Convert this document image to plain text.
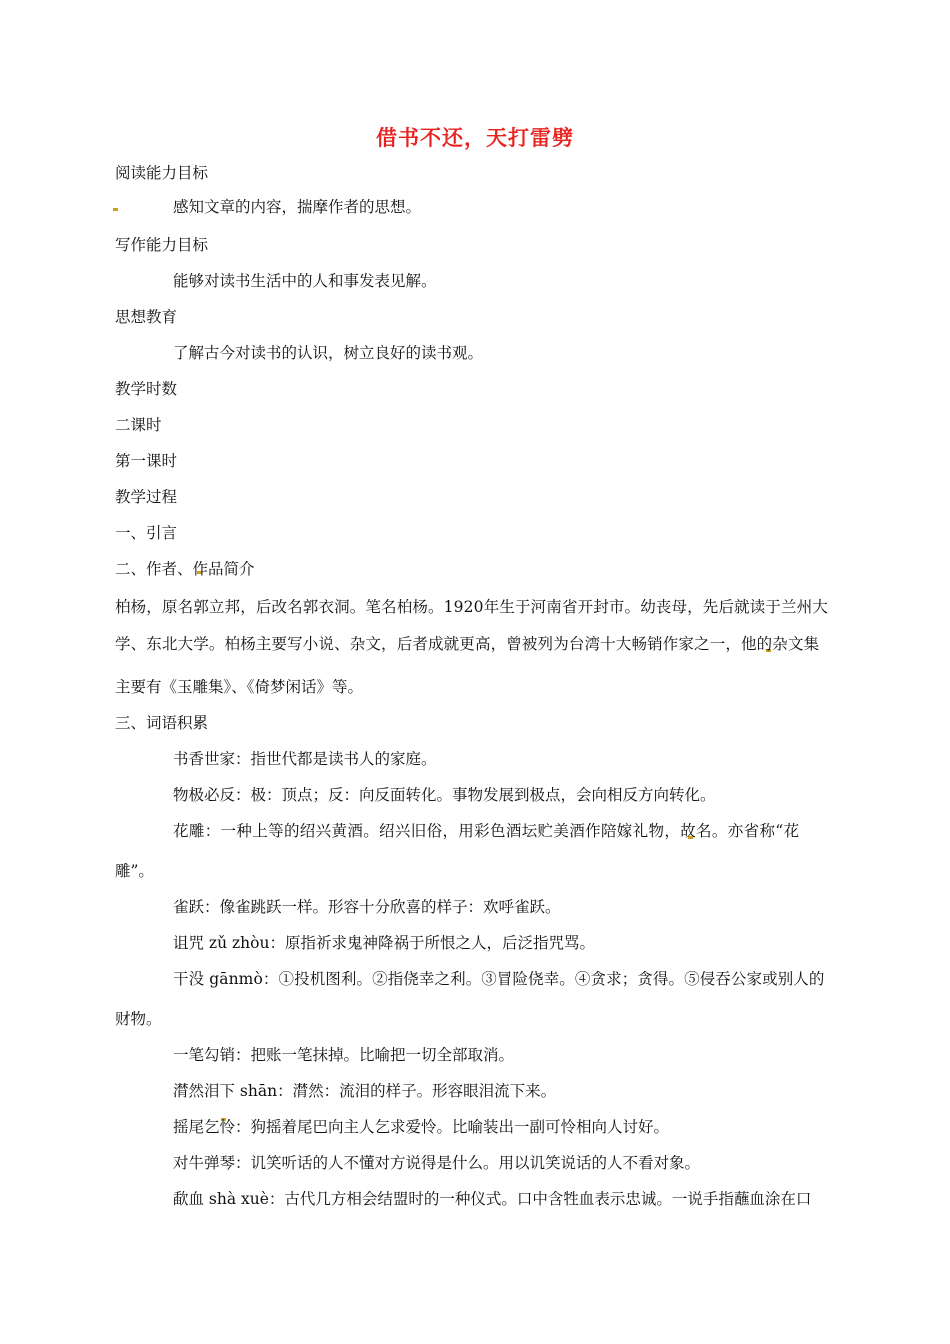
借书不还，天打雷劈
阅读能力目标
感知文章的内容，揣摩作者的思想。
写作能力目标
能够对读书生活中的人和事发表见解。
思想教育
了解古今对读书的认识，树立良好的读书观。
教学时数
二课时
第一课时
教学过程
一、引言
二、作者、作品简介
柏杨，原名郭立邦，后改名郭衣洞。笔名柏杨。1920年生于河南省开封市。幼丧母，先后就读于兰州大
学、东北大学。柏杨主要写小说、杂文，后者成就更高，曾被列为台湾十大畅销作家之一，他的杂文集
主要有《玉雕集》、《倚梦闲话》等。
三、词语积累
书香世家：指世代都是读书人的家庭。
物极必反：极：顶点；反：向反面转化。事物发展到极点，会向相反方向转化。
花雕：一种上等的绍兴黄酒。绍兴旧俗，用彩色酒坛贮美酒作陪嫁礼物，故名。亦省称“花
雕”。
雀跃：像雀跳跃一样。形容十分欣喜的样子：欢呼雀跃。
诅咒 zǔ zhòu：原指祈求鬼神降祸于所恨之人，后泛指咒骂。
干没 gānmò：①投机图利。②指侥幸之利。③冒险侥幸。④贪求；贪得。⑤侵吞公家或别人的
财物。
一笔勾销：把账一笔抹掉。比喻把一切全部取消。
潸然泪下 shān：潸然：流泪的样子。形容眼泪流下来。
摇尾乞怜：狗摇着尾巴向主人乞求爱怜。比喻装出一副可怜相向人讨好。
对牛弹琴：讥笑听话的人不懂对方说得是什么。用以讥笑说话的人不看对象。
歃血 shà xuè：古代几方相会结盟时的一种仪式。口中含牲血表示忠诚。一说手指蘸血涂在口
